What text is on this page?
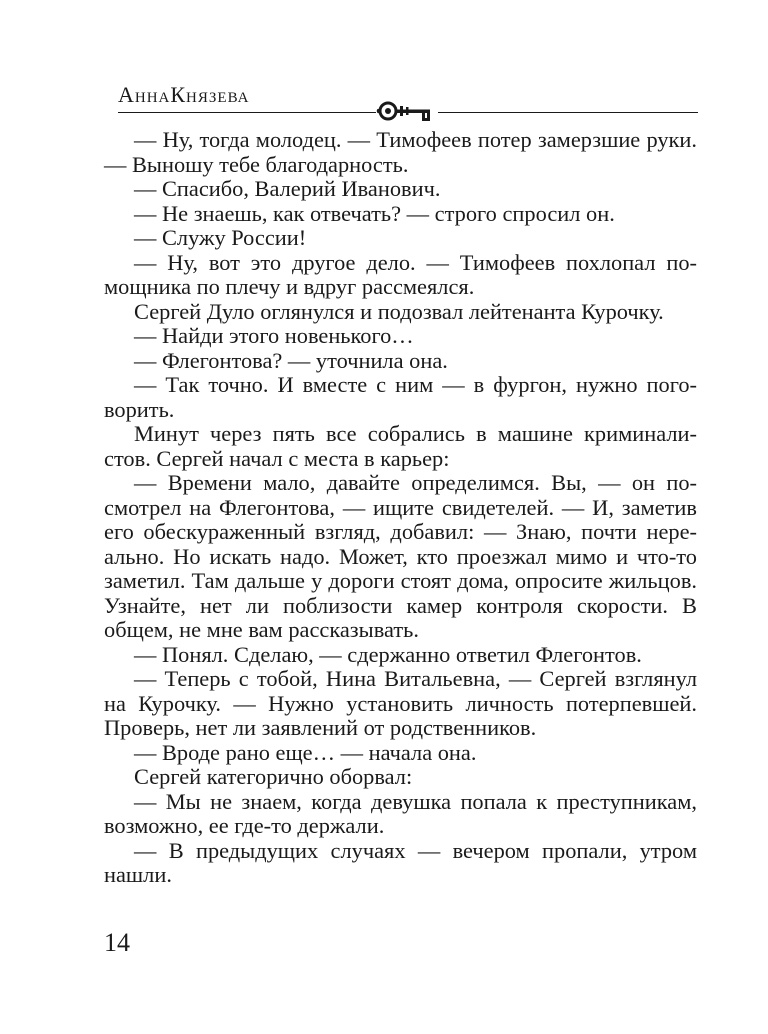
АннаКнязева

— Ну, тогда молодец. — Тимофеев потер замерзшие руки. — Выношу тебе благодарность.

— Спасибо, Валерий Иванович.

— Не знаешь, как отвечать? — строго спросил он.

— Служу России!

— Ну, вот это другое дело. — Тимофеев похлопал помощника по плечу и вдруг рассмеялся.

Сергей Дуло оглянулся и подозвал лейтенанта Курочку.

— Найди этого новенького…

— Флегонтова? — уточнила она.

— Так точно. И вместе с ним — в фургон, нужно поговорить.

Минут через пять все собрались в машине криминалистов. Сергей начал с места в карьер:

— Времени мало, давайте определимся. Вы, — он посмотрел на Флегонтова, — ищите свидетелей. — И, заметив его обескураженный взгляд, добавил: — Знаю, почти нереально. Но искать надо. Может, кто проезжал мимо и что-то заметил. Там дальше у дороги стоят дома, опросите жильцов. Узнайте, нет ли поблизости камер контроля скорости. В общем, не мне вам рассказывать.

— Понял. Сделаю, — сдержанно ответил Флегонтов.

— Теперь с тобой, Нина Витальевна, — Сергей взглянул на Курочку. — Нужно установить личность потерпевшей. Проверь, нет ли заявлений от родственников.

— Вроде рано еще… — начала она.

Сергей категорично оборвал:

— Мы не знаем, когда девушка попала к преступникам, возможно, ее где-то держали.

— В предыдущих случаях — вечером пропали, утром нашли.

14
